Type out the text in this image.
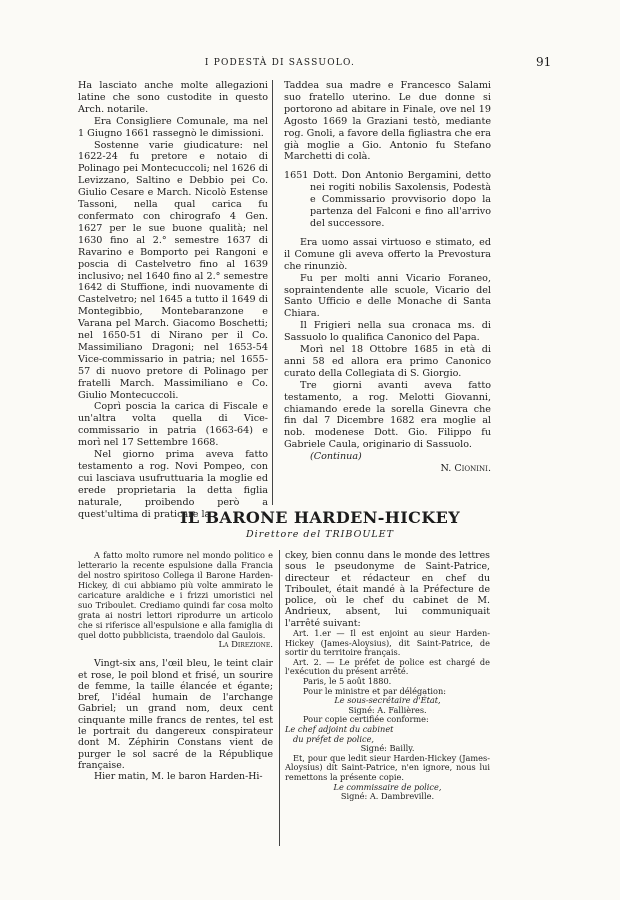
I PODESTÀ DI SASSUOLO.	91

Ha lasciato anche molte allegazioni latine che sono custodite in questo Arch. notarile.

Era Consigliere Comunale, ma nel 1 Giugno 1661 rassegnò le dimissioni.

Sostenne varie giudicature: nel 1622-24 fu pretore e notaio di Polinago pei Montecuccoli; nel 1626 di Levizzano, Saltino e Debbio pei Co. Giulio Cesare e March. Nicolò Estense Tassoni, nella qual carica fu confermato con chirografo 4 Gen. 1627 per le sue buone qualità; nel 1630 fino al 2.° semestre 1637 di Ravarino e Bomporto pei Rangoni e poscia di Castelvetro fino al 1639 inclusivo; nel 1640 fino al 2.° semestre 1642 di Stuffione, indi nuovamente di Castelvetro; nel 1645 a tutto il 1649 di Montegibbio, Montebaranzone e Varana pel March. Giacomo Boschetti; nel 1650-51 di Nirano per il Co. Massimiliano Dragoni; nel 1653-54 Vice-commissario in patria; nel 1655-57 di nuovo pretore di Polinago per fratelli March. Massimiliano e Co. Giulio Montecuccoli.

Coprì poscia la carica di Fiscale e un'altra volta quella di Vice-commissario in patria (1663-64) e morì nel 17 Settembre 1668.

Nel giorno prima aveva fatto testamento a rog. Novi Pompeo, con cui lasciava usufruttuaria la moglie ed erede proprietaria la detta figlia naturale, proibendo però a quest'ultima di praticare la

Taddea sua madre e Francesco Salami suo fratello uterino. Le due donne si portorono ad abitare in Finale, ove nel 19 Agosto 1669 la Graziani testò, mediante rog. Gnoli, a favore della figliastra che era già moglie a Gio. Antonio fu Stefano Marchetti di colà.

1651 Dott. Don Antonio Bergamini, detto nei rogiti nobilis Saxolensis, Podestà e Commissario provvisorio dopo la partenza del Falconi e fino all'arrivo del successore.

Era uomo assai virtuoso e stimato, ed il Comune gli aveva offerto la Prevostura che rinunziò.

Fu per molti anni Vicario Foraneo, sopraintendente alle scuole, Vicario del Santo Ufficio e delle Monache di Santa Chiara.

Il Frigieri nella sua cronaca ms. di Sassuolo lo qualifica Canonico del Papa.

Morì nel 18 Ottobre 1685 in età di anni 58 ed allora era primo Canonico curato della Collegiata di S. Giorgio.

Tre giorni avanti aveva fatto testamento, a rog. Melotti Giovanni, chiamando erede la sorella Ginevra che fin dal 7 Dicembre 1682 era moglie al nob. modenese Dott. Gio. Filippo fu Gabriele Caula, originario di Sassuolo.

(Continua)
N. Cionini.
IL BARONE HARDEN-HICKEY
Direttore del TRIBOULET

A fatto molto rumore nel mondo politico e letterario la recente espulsione dalla Francia del nostro spiritoso Collega il Barone Harden-Hickey, di cui abbiamo più volte ammirato le caricature araldiche e i frizzi umoristici nel suo Triboulet. Crediamo quindi far cosa molto grata ai nostri lettori riprodurre un articolo che si riferisce all'espulsione e alla famiglia di quel dotto pubblicista, traendolo dal Gaulois.

La Direzione.

Vingt-six ans, l'œil bleu, le teint clair et rose, le poil blond et frisé, un sourire de femme, la taille élancée et égante; bref, l'idéal humain de l'archange Gabriel; un grand nom, deux cent cinquante mille francs de rentes, tel est le portrait du dangereux conspirateur dont M. Zéphirin Constans vient de purger le sol sacré de la République française.

Hier matin, M. le baron Harden-Hi-

ckey, bien connu dans le monde des lettres sous le pseudonyme de Saint-Patrice, directeur et rédacteur en chef du Triboulet, était mandé à la Préfecture de police, où le chef du cabinet de M. Andrieux, absent, lui communiquait l'arrêté suivant:

Art. 1.er — Il est enjoint au sieur Harden-Hickey (James-Aloysius), dit Saint-Patrice, de sortir du territoire français.

Art. 2. — Le préfet de police est chargé de l'exécution du présent arrêté.

Paris, le 5 août 1880.
Pour le ministre et par délégation:
Le sous-secrétaire d'État,
Signé: A. Fallières.
Pour copie certifiée conforme:
Le chef adjoint du cabinet
du préfet de police,
Signé: Bailly.

Et, pour que ledit sieur Harden-Hickey (James-Aloysius) dit Saint-Patrice, n'en ignore, nous lui remettons la présente copie.

Le commissaire de police,
Signé: A. Dambreville.
